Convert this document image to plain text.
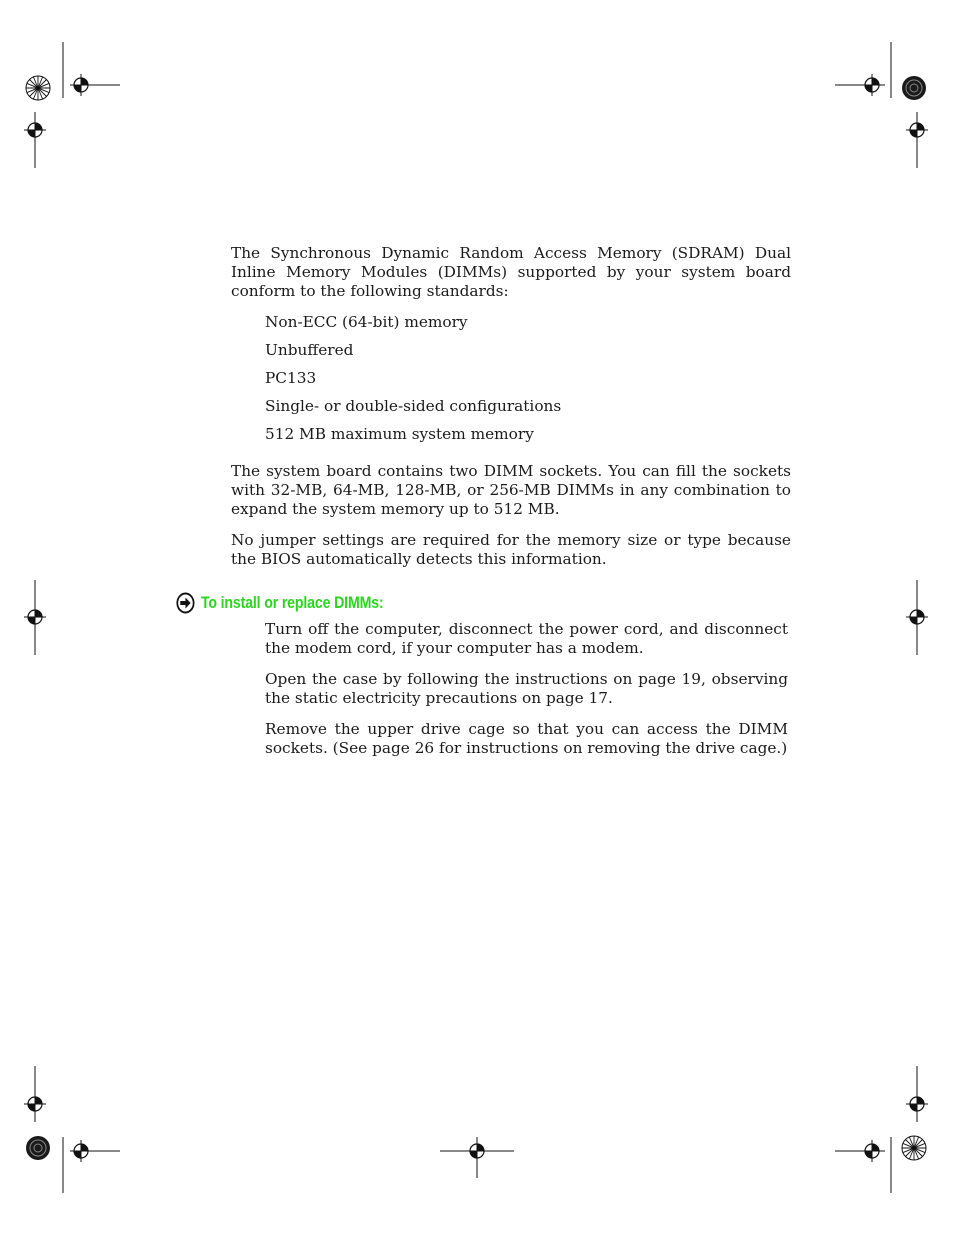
The Synchronous Dynamic Random Access Memory (SDRAM) Dual Inline Memory Modules (DIMMs) supported by your system board conform to the following standards:

Non-ECC (64-bit) memory
Unbuffered
PC133
Single- or double-sided configurations
512 MB maximum system memory

The system board contains two DIMM sockets. You can fill the sockets with 32-MB, 64-MB, 128-MB, or 256-MB DIMMs in any combination to expand the system memory up to 512 MB.

No jumper settings are required for the memory size or type because the BIOS automatically detects this information.

To install or replace DIMMs:
Turn off the computer, disconnect the power cord, and disconnect the modem cord, if your computer has a modem.
Open the case by following the instructions on page 19, observing the static electricity precautions on page 17.
Remove the upper drive cage so that you can access the DIMM sockets. (See page 26 for instructions on removing the drive cage.)
